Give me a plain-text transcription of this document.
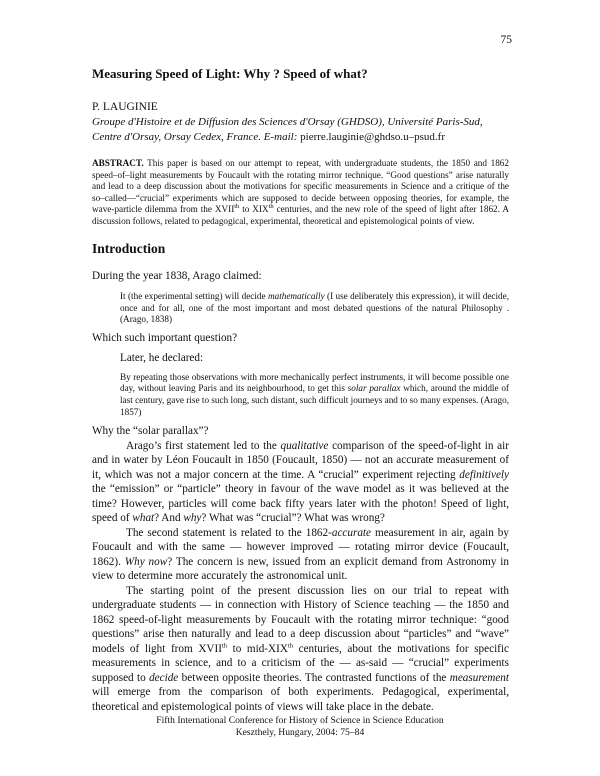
75
Measuring Speed of Light: Why ? Speed of what?

P. LAUGINIE

Groupe d'Histoire et de Diffusion des Sciences d'Orsay (GHDSO), Université Paris-Sud,
Centre d'Orsay, Orsay Cedex, France. E-mail: pierre.lauginie@ghdso.u–psud.fr

ABSTRACT. This paper is based on our attempt to repeat, with undergraduate students, the 1850 and 1862 speed–of–light measurements by Foucault with the rotating mirror technique. “Good questions” arise naturally and lead to a deep discussion about the motivations for specific measurements in Science and a critique of the so–called—“crucial” experiments which are supposed to decide between opposing theories, for example, the wave-particle dilemma from the XVIIth to XIXth centuries, and the new role of the speed of light after 1862. A discussion follows, related to pedagogical, experimental, theoretical and epistemological points of view.

Introduction

During the year 1838, Arago claimed:

It (the experimental setting) will decide mathematically (I use deliberately this expression), it will decide, once and for all, one of the most important and most debated questions of the natural Philosophy . (Arago, 1838)

Which such important question?

Later, he declared:

By repeating those observations with more mechanically perfect instruments, it will become possible one day, without leaving Paris and its neighbourhood, to get this solar parallax which, around the middle of last century, gave rise to such long, such distant, such difficult journeys and to so many expenses. (Arago, 1857)

Why the “solar parallax”?

Arago’s first statement led to the qualitative comparison of the speed-of-light in air and in water by Léon Foucault in 1850 (Foucault, 1850) — not an accurate measurement of it, which was not a major concern at the time. A “crucial” experiment rejecting definitively the “emission” or “particle” theory in favour of the wave model as it was believed at the time? However, particles will come back fifty years later with the photon! Speed of light, speed of what? And why? What was “crucial”? What was wrong?

The second statement is related to the 1862-accurate measurement in air, again by Foucault and with the same — however improved — rotating mirror device (Foucault, 1862). Why now? The concern is new, issued from an explicit demand from Astronomy in view to determine more accurately the astronomical unit.

The starting point of the present discussion lies on our trial to repeat with undergraduate students — in connection with History of Science teaching — the 1850 and 1862 speed-of-light measurements by Foucault with the rotating mirror technique: “good questions” arise then naturally and lead to a deep discussion about “particles” and “wave” models of light from XVIIth to mid-XIXth centuries, about the motivations for specific measurements in science, and to a criticism of the — as-said — “crucial” experiments supposed to decide between opposite theories. The contrasted functions of the measurement will emerge from the comparison of both experiments. Pedagogical, experimental, theoretical and epistemological points of views will take place in the debate.

Fifth International Conference for History of Science in Science Education
Keszthely, Hungary, 2004: 75–84
